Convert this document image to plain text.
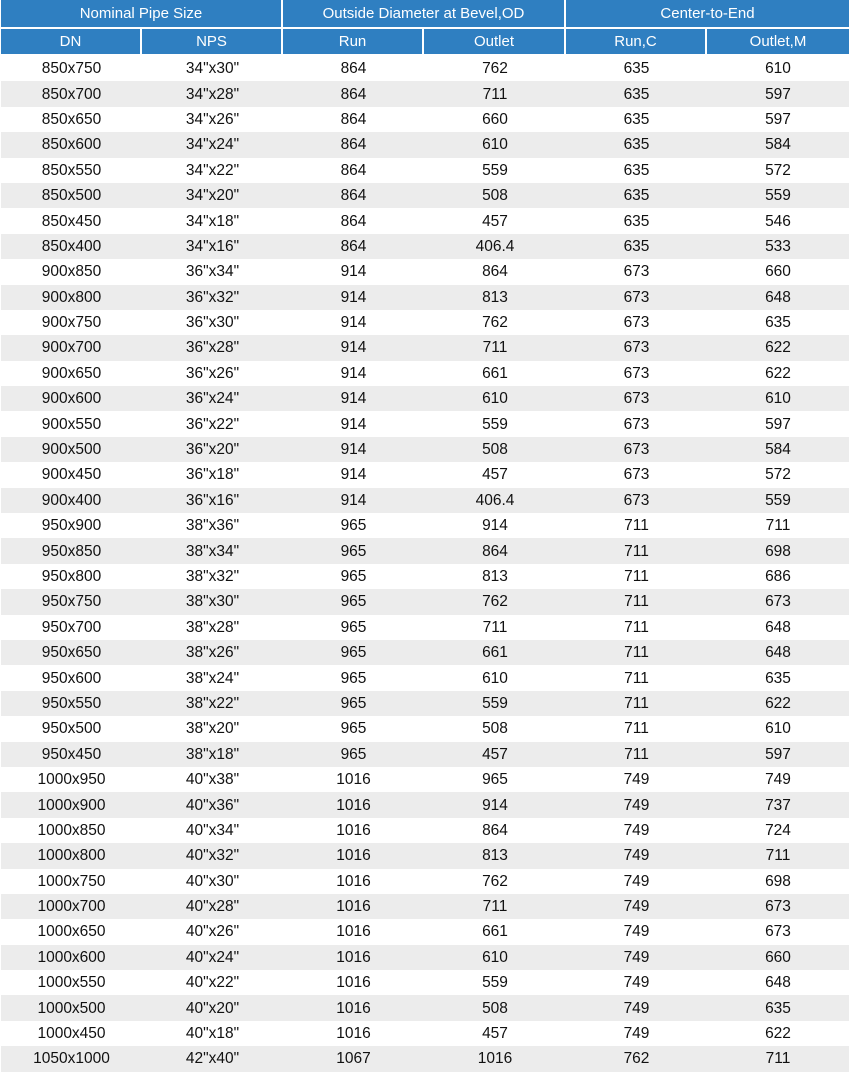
Nominal Pipe Size		Outside Diameter at Bevel,OD		Center-to-End	
DN	NPS	Run	Outlet	Run,C	Outlet,M
850x750	34"x30"	864	762	635	610
850x700	34"x28"	864	711	635	597
850x650	34"x26"	864	660	635	597
850x600	34"x24"	864	610	635	584
850x550	34"x22"	864	559	635	572
850x500	34"x20"	864	508	635	559
850x450	34"x18"	864	457	635	546
850x400	34"x16"	864	406.4	635	533
900x850	36"x34"	914	864	673	660
900x800	36"x32"	914	813	673	648
900x750	36"x30"	914	762	673	635
900x700	36"x28"	914	711	673	622
900x650	36"x26"	914	661	673	622
900x600	36"x24"	914	610	673	610
900x550	36"x22"	914	559	673	597
900x500	36"x20"	914	508	673	584
900x450	36"x18"	914	457	673	572
900x400	36"x16"	914	406.4	673	559
950x900	38"x36"	965	914	711	711
950x850	38"x34"	965	864	711	698
950x800	38"x32"	965	813	711	686
950x750	38"x30"	965	762	711	673
950x700	38"x28"	965	711	711	648
950x650	38"x26"	965	661	711	648
950x600	38"x24"	965	610	711	635
950x550	38"x22"	965	559	711	622
950x500	38"x20"	965	508	711	610
950x450	38"x18"	965	457	711	597
1000x950	40"x38"	1016	965	749	749
1000x900	40"x36"	1016	914	749	737
1000x850	40"x34"	1016	864	749	724
1000x800	40"x32"	1016	813	749	711
1000x750	40"x30"	1016	762	749	698
1000x700	40"x28"	1016	711	749	673
1000x650	40"x26"	1016	661	749	673
1000x600	40"x24"	1016	610	749	660
1000x550	40"x22"	1016	559	749	648
1000x500	40"x20"	1016	508	749	635
1000x450	40"x18"	1016	457	749	622
1050x1000	42"x40"	1067	1016	762	711
